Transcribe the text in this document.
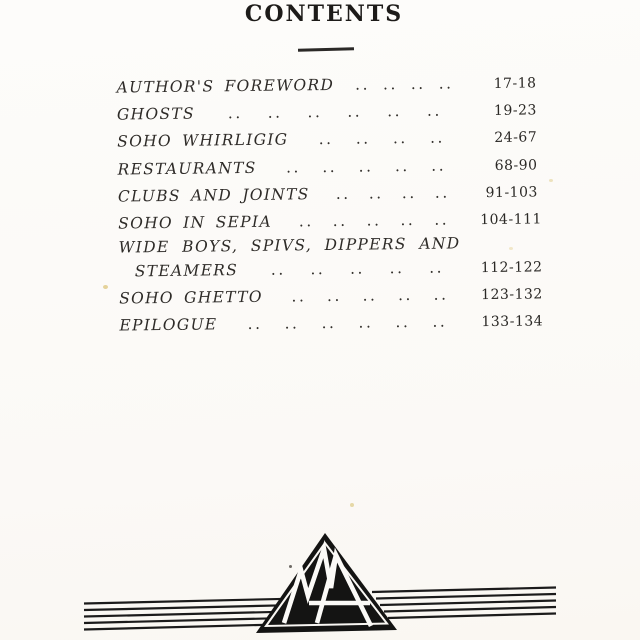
CONTENTS
AUTHOR'S FOREWORD .. .. .. ..	17-18
GHOSTS .. .. .. .. .. ..	19-23
SOHO WHIRLIGIG .. .. .. ..	24-67
RESTAURANTS .. .. .. .. ..	68-90
CLUBS AND JOINTS .. .. .. ..	91-103
SOHO IN SEPIA .. .. .. .. .. 104-111
WIDE BOYS, SPIVS, DIPPERS AND
STEAMERS .. .. .. .. ..	112-122
SOHO GHETTO .. .. .. .. .. 123-132
EPILOGUE .. .. .. .. .. .. 133-134
